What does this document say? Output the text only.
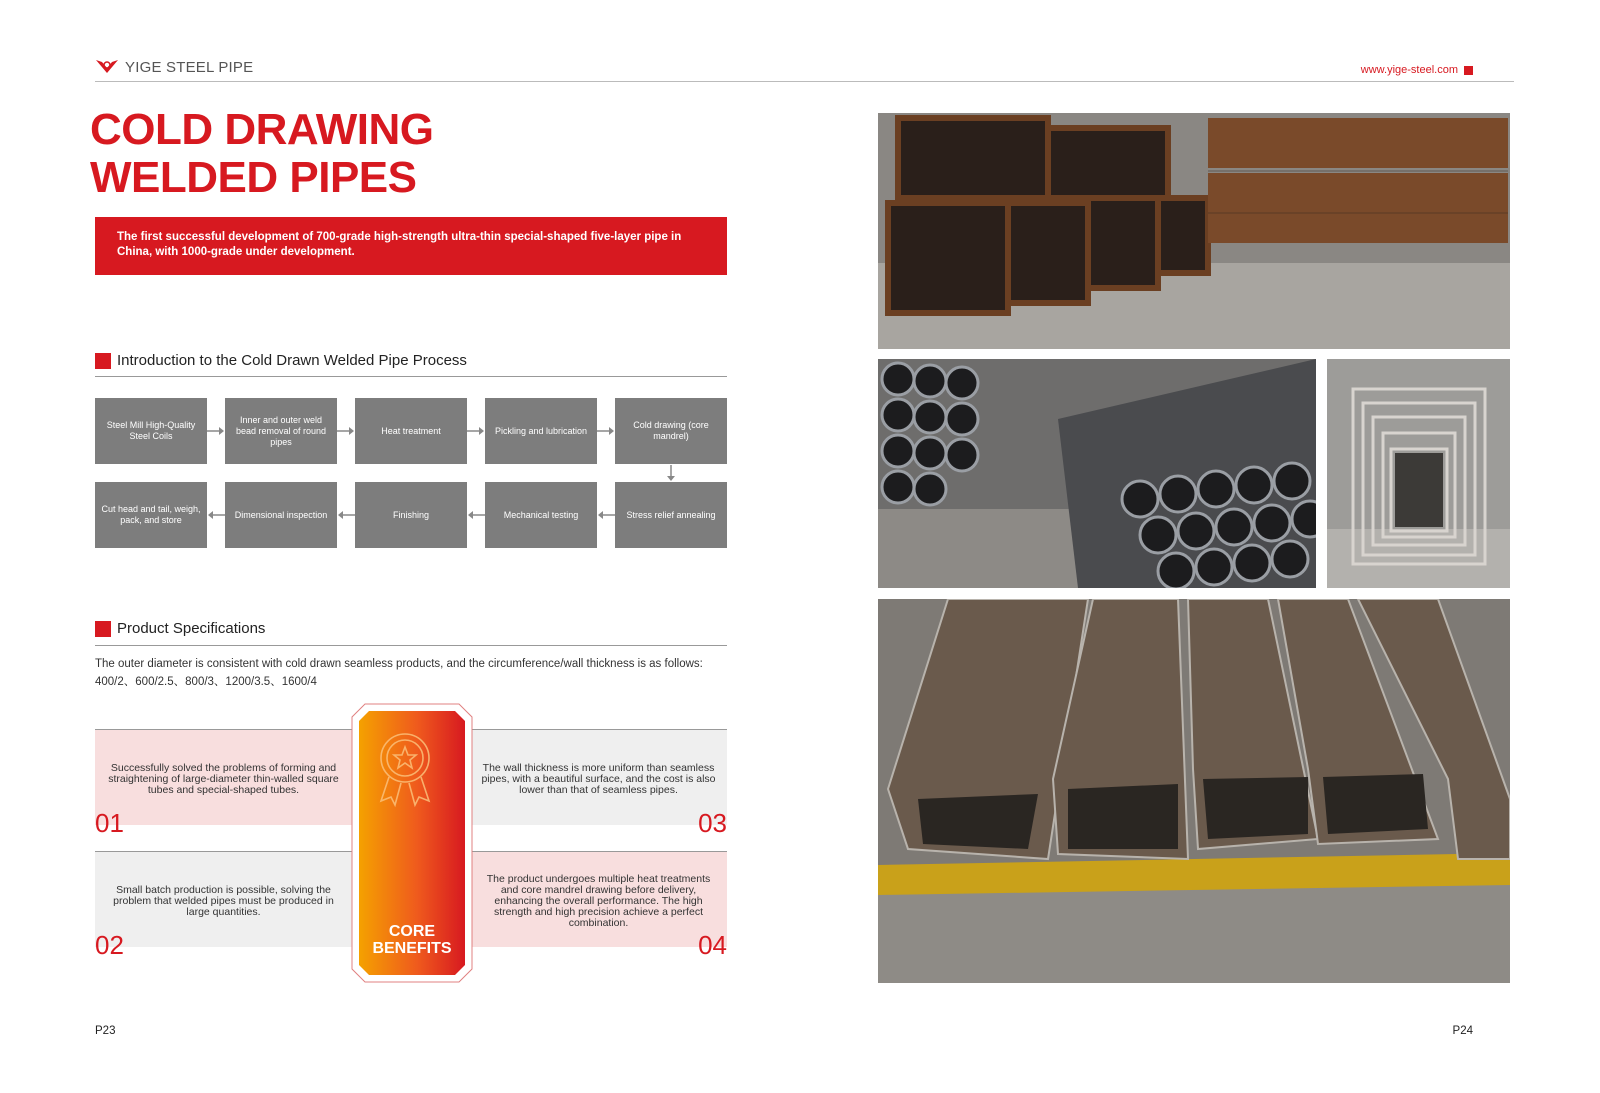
YIGE STEEL PIPE	www.yige-steel.com
COLD DRAWING
WELDED PIPES
The first successful development of 700-grade high-strength ultra-thin special-shaped five-layer pipe in China, with 1000-grade under development.
Introduction to the Cold Drawn Welded Pipe Process
Steel Mill High-Quality Steel Coils
Inner and outer weld bead removal of round pipes
Heat treatment	Pickling and lubrication
Cold drawing (core mandrel)
Cut head and tail, weigh, pack, and store
Dimensional inspection	Finishing	Mechanical testing	Stress relief annealing
Product Specifications
The outer diameter is consistent with cold drawn seamless products, and the circumference/wall thickness is as follows: 400/2、600/2.5、800/3、1200/3.5、1600/4
Successfully solved the problems of forming and straightening of large-diameter thin-walled square tubes and special-shaped tubes.
01
Small batch production is possible, solving the problem that welded pipes must be produced in large quantities.
02
The wall thickness is more uniform than seamless pipes, with a beautiful surface, and the cost is also lower than that of seamless pipes.
03
The product undergoes multiple heat treatments and core mandrel drawing before delivery, enhancing the overall performance. The high strength and high precision achieve a perfect combination.
04
CORE
BENEFITS
P23	P24
